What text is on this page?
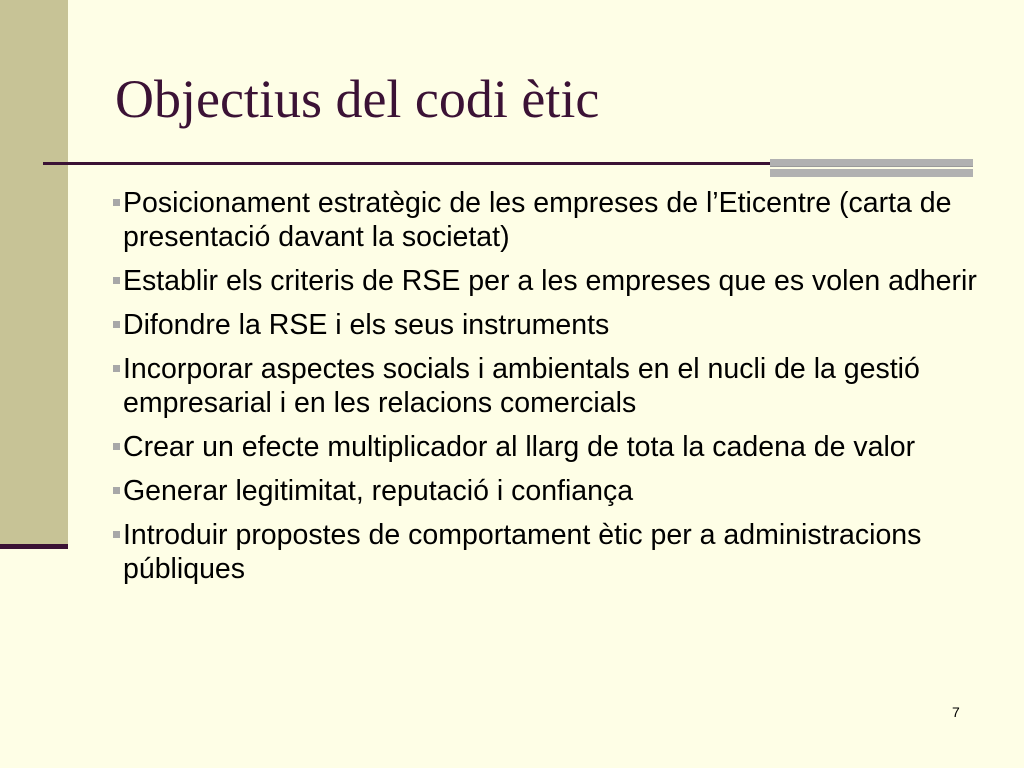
Objectius del codi ètic
Posicionament estratègic de les empreses de l’Eticentre (carta de presentació davant la societat)
Establir els criteris de RSE per a les empreses que es volen adherir
Difondre la RSE i els seus instruments
Incorporar aspectes socials i ambientals en el nucli de la gestió empresarial i en les relacions comercials
Crear un efecte multiplicador al llarg de tota la cadena de valor
Generar legitimitat, reputació i confiança
Introduir propostes de comportament ètic per a administracions públiques
7
